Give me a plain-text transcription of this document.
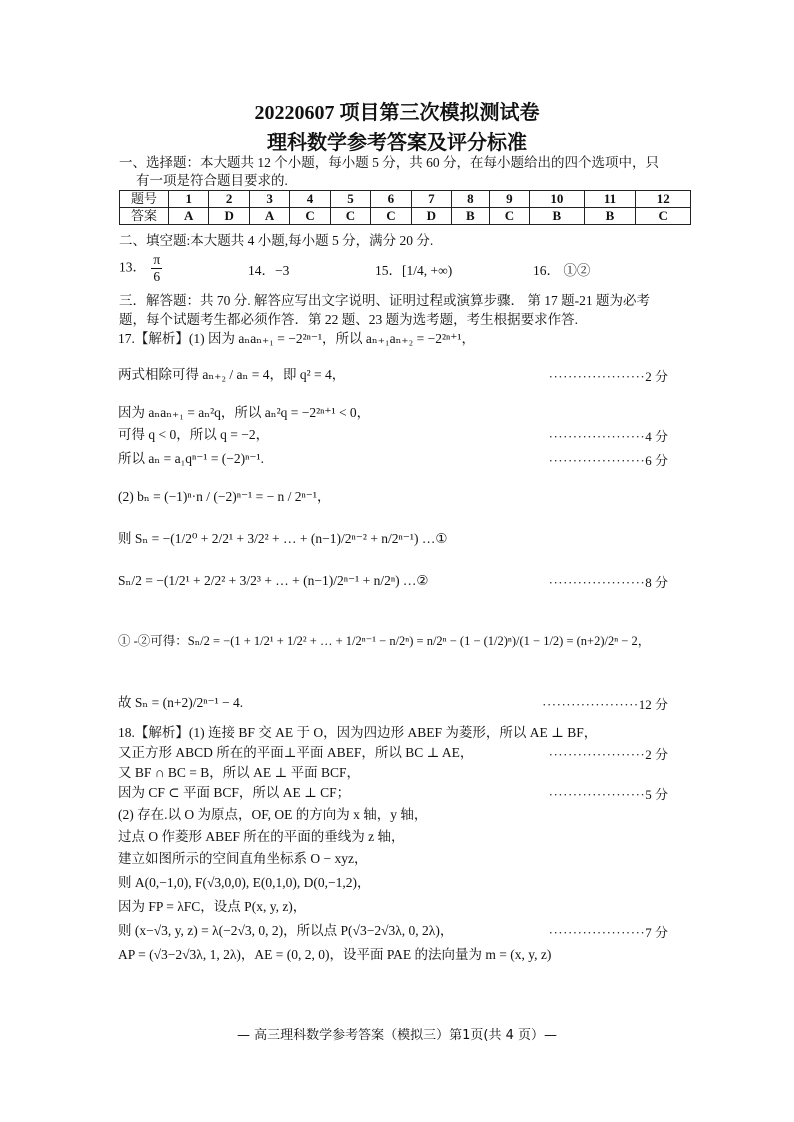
20220607 项目第三次模拟测试卷
理科数学参考答案及评分标准
一、选择题：本大题共 12 个小题，每小题 5 分，共 60 分，在每小题给出的四个选项中，只
有一项是符合题目要求的.
题号	1	2	3	4	5	6	7	8	9	10	11	12
答案	A	D	A	C	C	C	D	B	C	B	B	C
二、填空题:本大题共 4 小题,每小题 5 分，满分 20 分.
13． $\frac{\pi}{6}$	14．−3	15．[1/4, +∞)	16． ①②
三．解答题：共 70 分. 解答应写出文字说明、证明过程或演算步骤． 第 17 题-21 题为必考
题，每个试题考生都必须作答．第 22 题、23 题为选考题，考生根据要求作答.
17.【解析】(1) 因为 aₙaₙ₊₁ = −2²ⁿ⁻¹，所以 aₙ₊₁aₙ₊₂ = −2²ⁿ⁺¹，
两式相除可得 aₙ₊₂ / aₙ = 4，即 q² = 4，	····················2 分
因为 aₙaₙ₊₁ = aₙ²q，所以 aₙ²q = −2²ⁿ⁺¹ < 0，
可得 q < 0，所以 q = −2，	····················4 分
所以 aₙ = a₁qⁿ⁻¹ = (−2)ⁿ⁻¹.	····················6 分
(2) bₙ = (−1)ⁿ·n / (−2)ⁿ⁻¹ = − n / 2ⁿ⁻¹，
则 Sₙ = −(1/2⁰ + 2/2¹ + 3/2² + … + (n−1)/2ⁿ⁻² + n/2ⁿ⁻¹) …①
Sₙ/2 = −(1/2¹ + 2/2² + 3/2³ + … + (n−1)/2ⁿ⁻¹ + n/2ⁿ) …②	····················8 分
① -②可得：Sₙ/2 = −(1 + 1/2¹ + 1/2² + … + 1/2ⁿ⁻¹ − n/2ⁿ) = n/2ⁿ − (1 − (1/2)ⁿ)/(1 − 1/2) = (n+2)/2ⁿ − 2，
故 Sₙ = (n+2)/2ⁿ⁻¹ − 4.	····················12 分
18.【解析】(1) 连接 BF 交 AE 于 O，因为四边形 ABEF 为菱形，所以 AE ⊥ BF，
又正方形 ABCD 所在的平面⊥平面 ABEF，所以 BC ⊥ AE，	····················2 分
又 BF ∩ BC = B，所以 AE ⊥ 平面 BCF，
因为 CF ⊂ 平面 BCF，所以 AE ⊥ CF；	····················5 分
(2) 存在.以 O 为原点，OF, OE 的方向为 x 轴，y 轴，
过点 O 作菱形 ABEF 所在的平面的垂线为 z 轴，
建立如图所示的空间直角坐标系 O − xyz，
则 A(0,−1,0), F(√3,0,0), E(0,1,0), D(0,−1,2)，
因为 FP = λFC，设点 P(x, y, z)，
则 (x−√3, y, z) = λ(−2√3, 0, 2)，所以点 P(√3−2√3λ, 0, 2λ)，	····················7 分
AP = (√3−2√3λ, 1, 2λ)，AE = (0, 2, 0)，设平面 PAE 的法向量为 m = (x, y, z)
— 高三理科数学参考答案（模拟三）第1页(共 4 页）—
